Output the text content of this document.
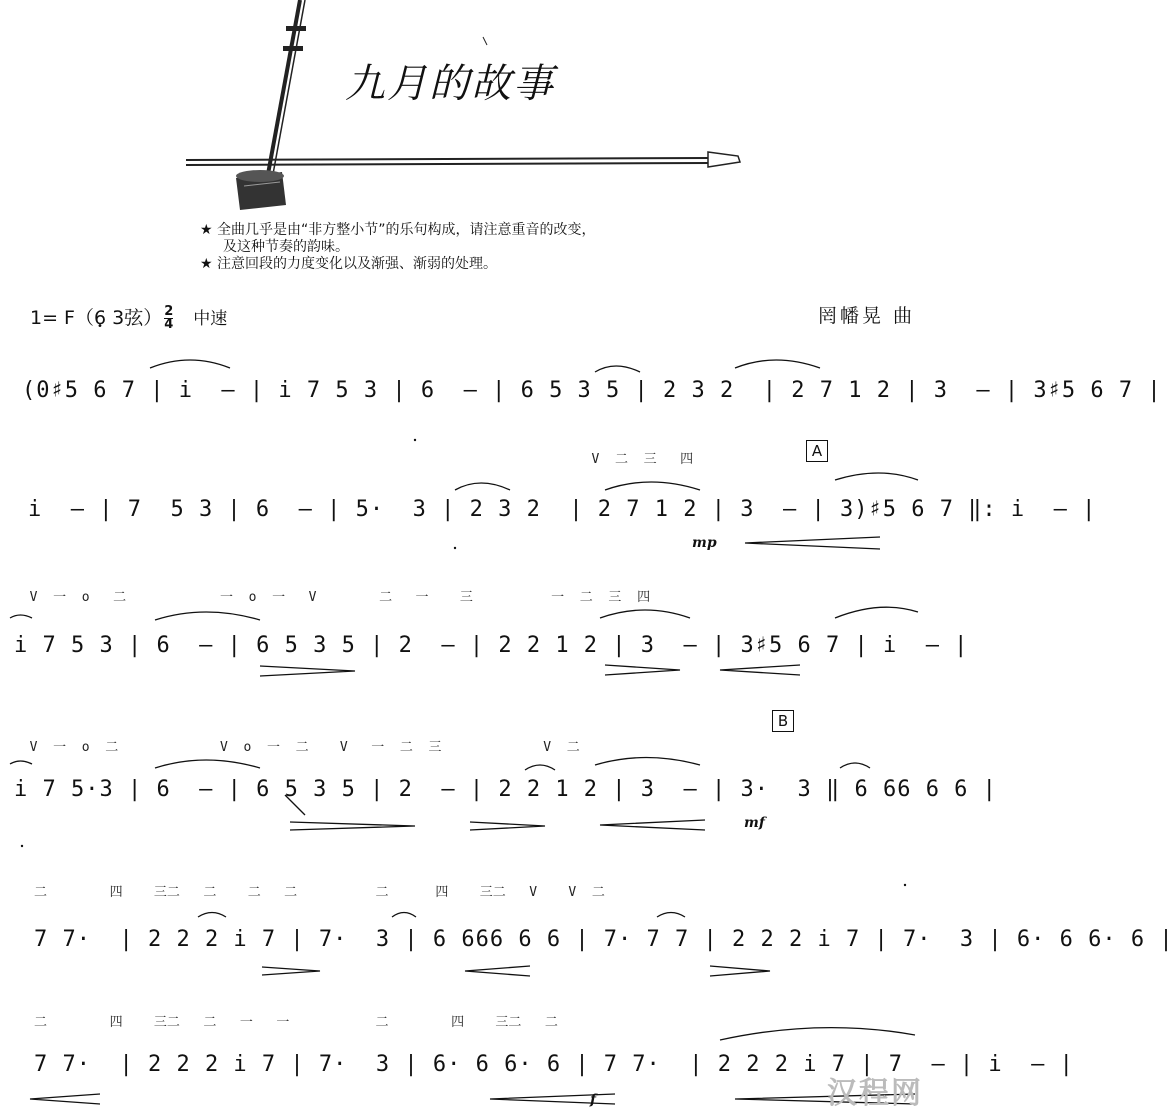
九月的故事
★ 全曲几乎是由“非方整小节”的乐句构成，请注意重音的改变，
及这种节奏的韵味。
★ 注意回段的力度变化以及渐强、渐弱的处理。
1= F（6 • 3弦） $\frac{2}{4}$ 中速	罔幡晃 曲
(0♯5 6 7 | i  – | i 7 5 3 | 6  – | 6 5 3 5 | 2 3 2  | 2 7 1 2 | 3  – | 3♯5 6 7 |
V  二  三   四	A
i  – | 7  5 3 | 6  – | 5·  3 | 2 3 2  | 2 7 1 2 | 3  – | 3)♯5 6 7 ‖: i  – |
mp
V  一  o   二            一  o  一   V        二   一    三          一  二  三  四
i 7 5 3 | 6  – | 6 5 3 5 | 2  – | 2 2 1 2 | 3  – | 3♯5 6 7 | i  – |
V  一  o  二             V  o  一  二    V   一  二  三             V  二
B
i 7 5·3 | 6  – | 6 5 3 5 | 2  – | 2 2 1 2 | 3  – | 3·  3 ‖ 6 66 6 6 |
mf
二        四    三二   二    二   二          二      四    三二   V    V  二
7 7·  | 2 2 2 i 7 | 7·  3 | 6 666 6 6 | 7· 7 7 | 2 2 2 i 7 | 7·  3 | 6· 6 6· 6 |
二        四    三二   二   一   一           二        四    三二   二
7 7·  | 2 2 2 i 7 | 7·  3 | 6· 6 6· 6 | 7 7·  | 2 2 2 i 7 | 7  – | i  – |
f	汉程网
